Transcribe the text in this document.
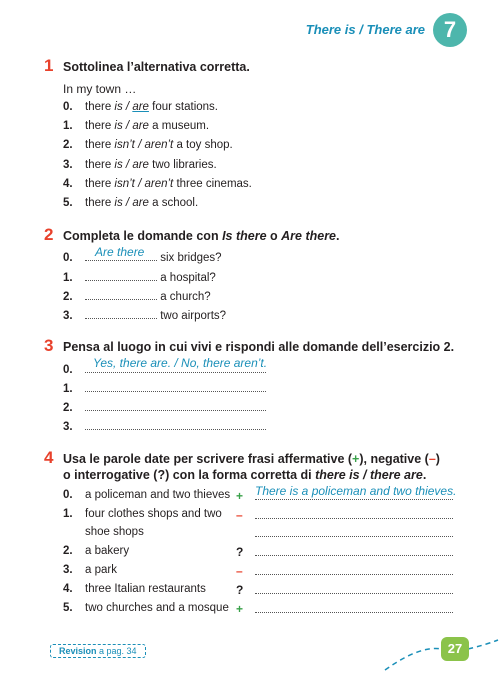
There is / There are 7
1 Sottolinea l’alternativa corretta.
In my town …
0. there is / are four stations.
1. there is / are a museum.
2. there isn’t / aren’t a toy shop.
3. there is / are two libraries.
4. there isn’t / aren’t three cinemas.
5. there is / are a school.
2 Completa le domande con Is there o Are there.
0. Are there six bridges?
1.	a hospital?
2.	a church?
3.	two airports?
3 Pensa al luogo in cui vivi e rispondi alle domande dell’esercizio 2.
0. Yes, there are. / No, there aren’t.
1.
2.
3.
4 Usa le parole date per scrivere frasi affermative (+), negative (–)
o interrogative (?) con la forma corretta di there is / there are.
0. a policeman and two thieves + There is a policeman and two thieves.
1. four clothes shops and two
shoe shops
–
2. a bakery	?
3. a park	–
4. three Italian restaurants	?
5. two churches and a mosque +
Revision a pag. 34	27
